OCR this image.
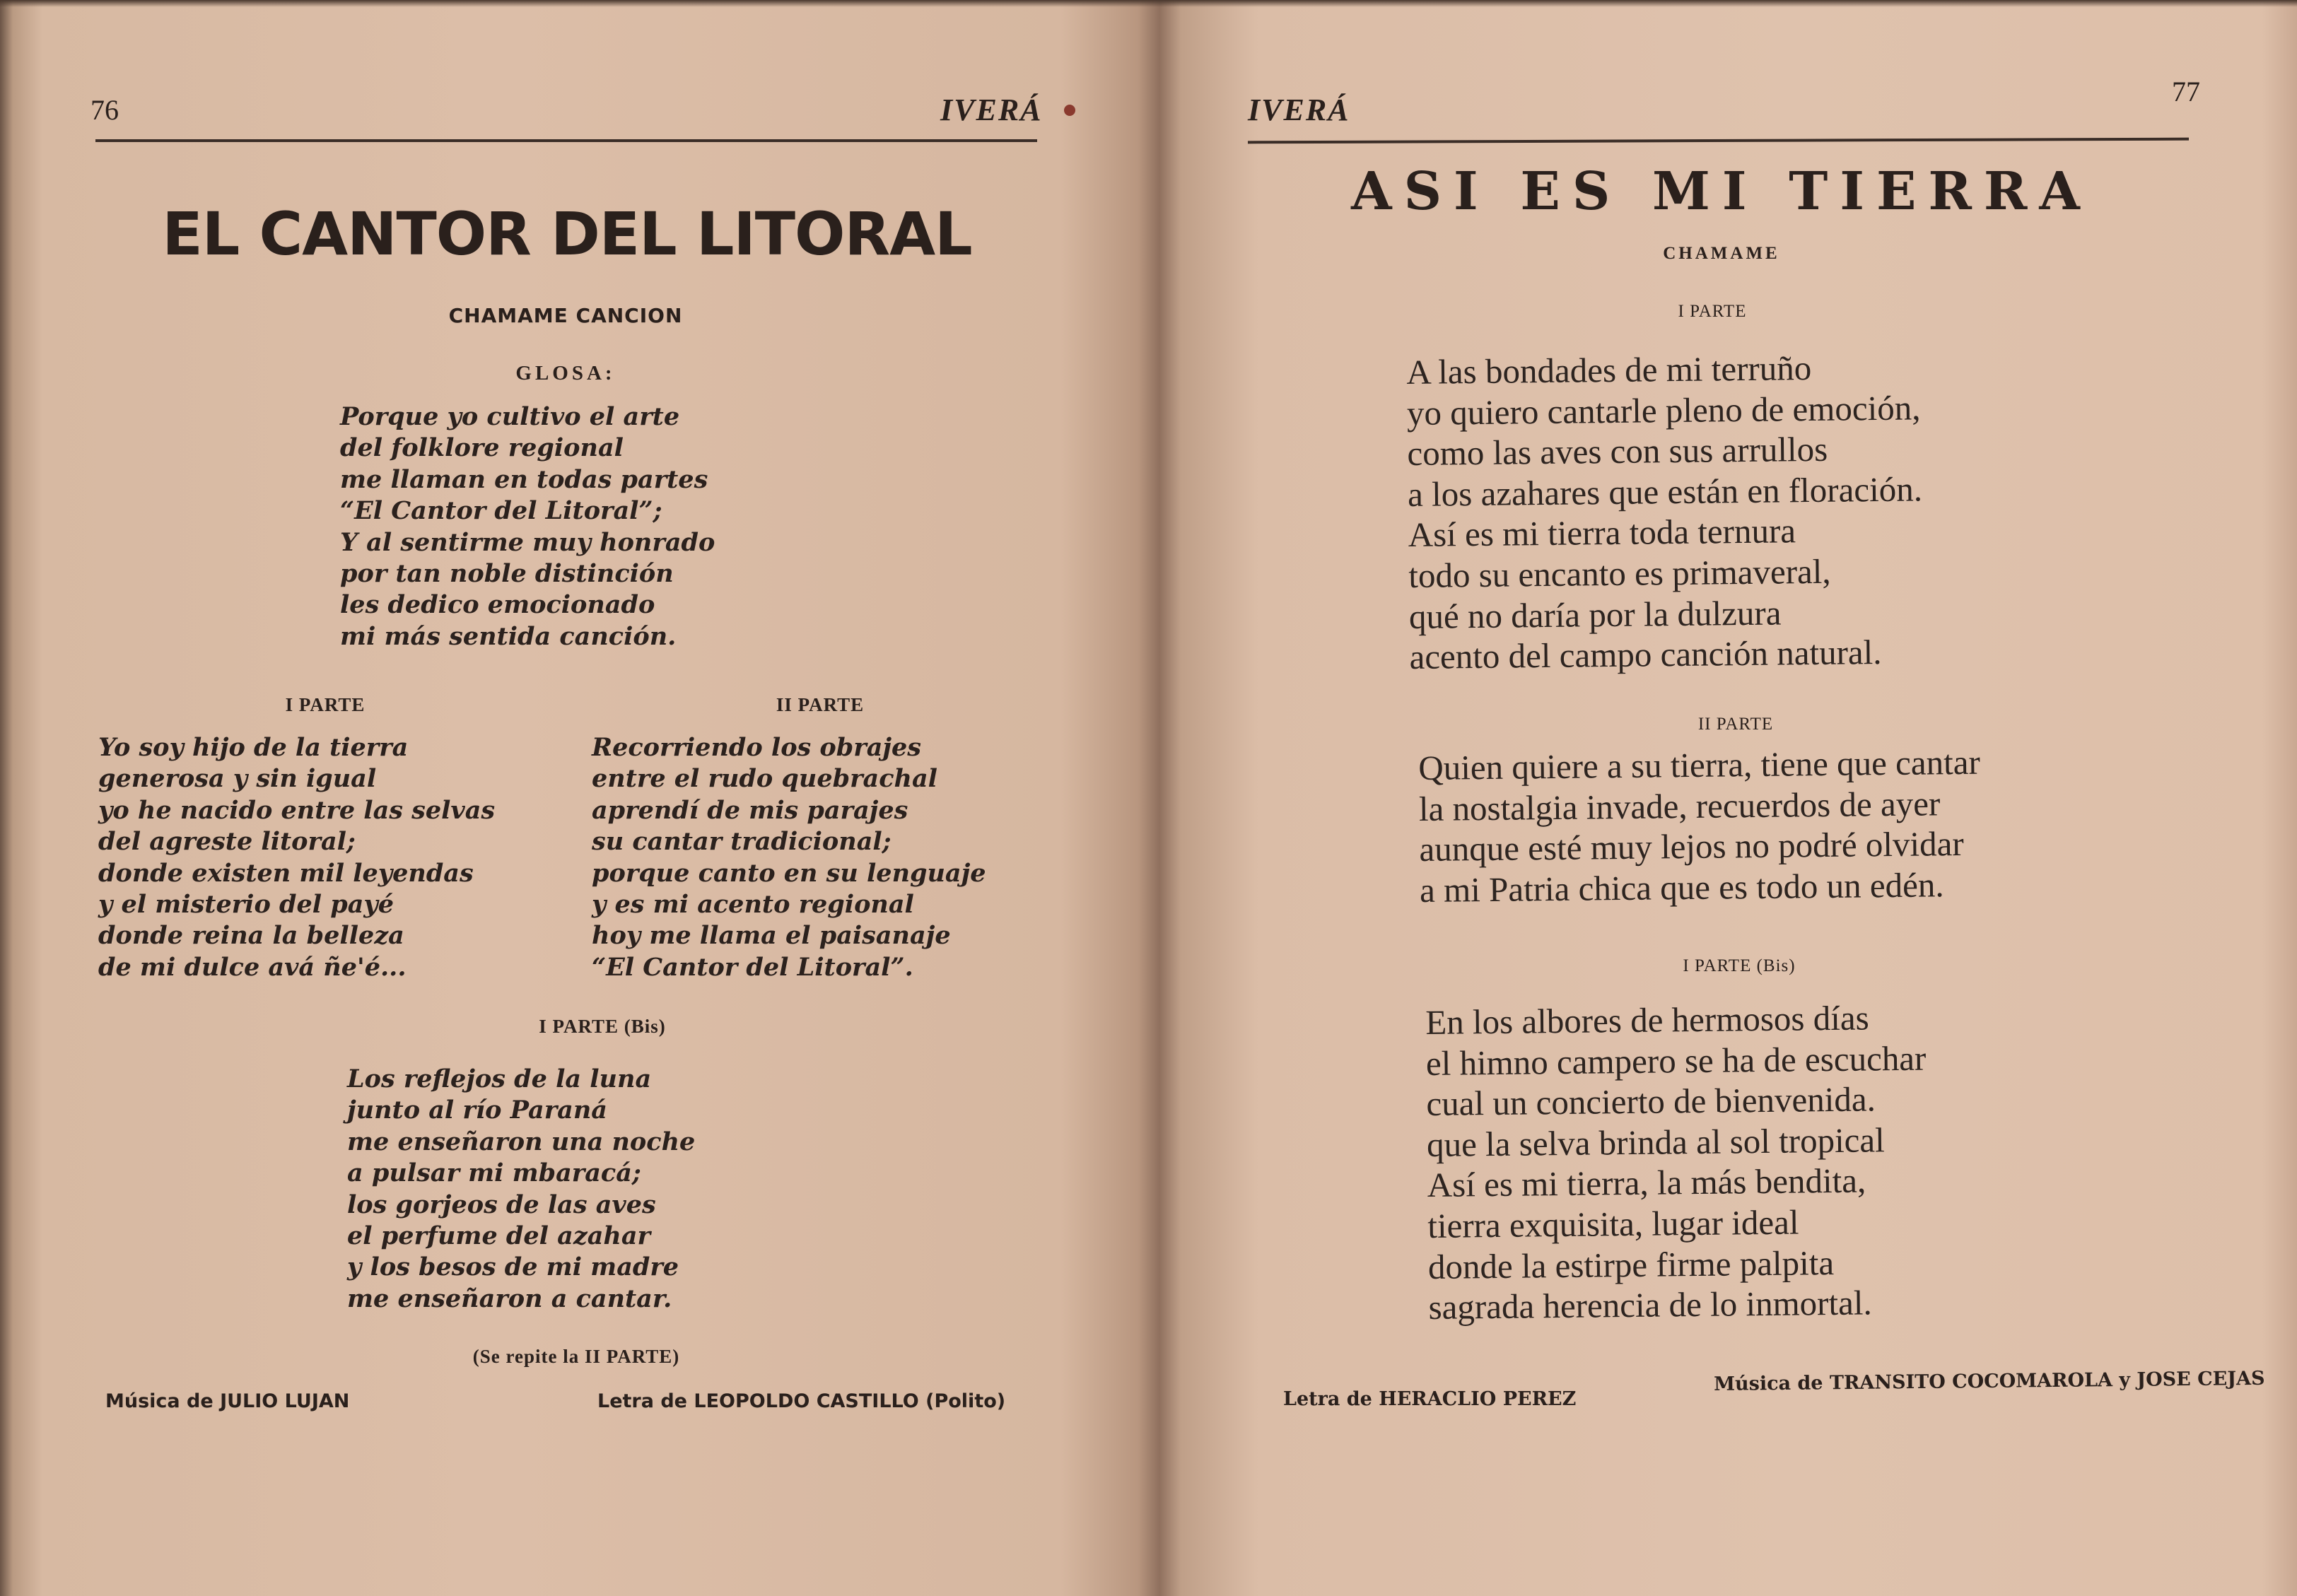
76	IVERÁ
EL CANTOR DEL LITORAL
CHAMAME CANCION
GLOSA:
Porque yo cultivo el arte
del folklore regional
me llaman en todas partes
“El Cantor del Litoral”;
Y al sentirme muy honrado
por tan noble distinción
les dedico emocionado
mi más sentida canción.
I PARTE	II PARTE
Yo soy hijo de la tierra
generosa y sin igual
yo he nacido entre las selvas
del agreste litoral;
donde existen mil leyendas
y el misterio del payé
donde reina la belleza
de mi dulce avá ñe'é...
Recorriendo los obrajes
entre el rudo quebrachal
aprendí de mis parajes
su cantar tradicional;
porque canto en su lenguaje
y es mi acento regional
hoy me llama el paisanaje
“El Cantor del Litoral”.
I PARTE (Bis)
Los reflejos de la luna
junto al río Paraná
me enseñaron una noche
a pulsar mi mbaracá;
los gorjeos de las aves
el perfume del azahar
y los besos de mi madre
me enseñaron a cantar.
(Se repite la II PARTE)
Música de JULIO LUJAN	Letra de LEOPOLDO CASTILLO (Polito)
IVERÁ
77
ASI ES MI TIERRA
CHAMAME
I PARTE
A las bondades de mi terruño
yo quiero cantarle pleno de emoción,
como las aves con sus arrullos
a los azahares que están en floración.
Así es mi tierra toda ternura
todo su encanto es primaveral,
qué no daría por la dulzura
acento del campo canción natural.
II PARTE
Quien quiere a su tierra, tiene que cantar
la nostalgia invade, recuerdos de ayer
aunque esté muy lejos no podré olvidar
a mi Patria chica que es todo un edén.
I PARTE (Bis)
En los albores de hermosos días
el himno campero se ha de escuchar
cual un concierto de bienvenida.
que la selva brinda al sol tropical
Así es mi tierra, la más bendita,
tierra exquisita, lugar ideal
donde la estirpe firme palpita
sagrada herencia de lo inmortal.
Letra de HERACLIO PEREZ
Música de TRANSITO COCOMAROLA y JOSE CEJAS
